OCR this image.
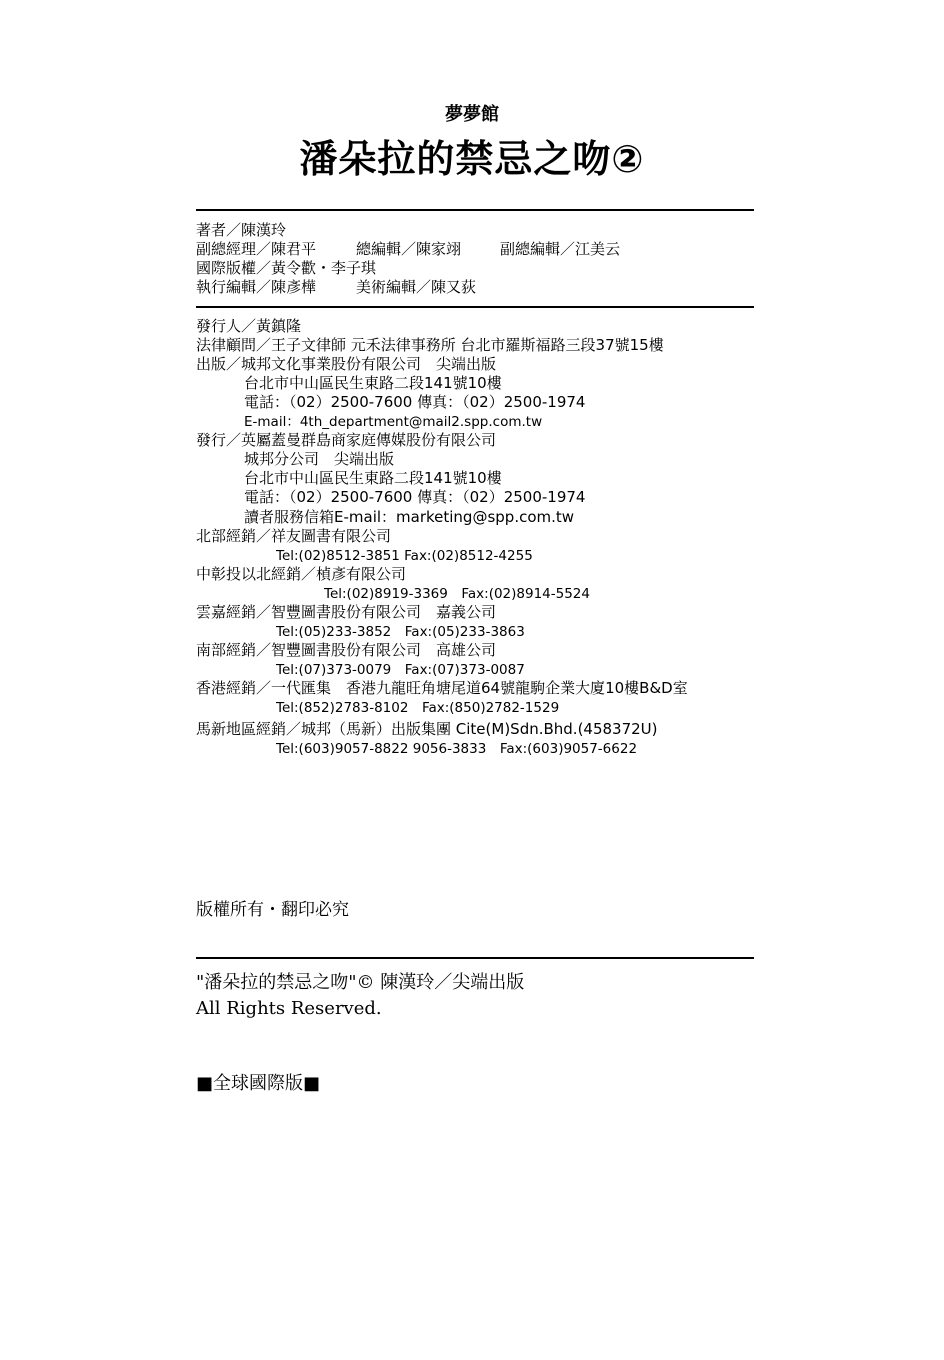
夢夢館
潘朵拉的禁忌之吻②
著者／陳漢玲
副總經理／陳君平	總編輯／陳家翊	副總編輯／江美云
國際版權／黃令歡・李子琪
執行編輯／陳彥樺	美術編輯／陳又荻
發行人／黃鎮隆
法律顧問／王子文律師 元禾法律事務所 台北市羅斯福路三段37號15樓
出版／城邦文化事業股份有限公司　尖端出版
台北市中山區民生東路二段141號10樓
電話：（02）2500-7600 傳真：（02）2500-1974
E-mail：4th_department@mail2.spp.com.tw
發行／英屬蓋曼群島商家庭傳媒股份有限公司
城邦分公司　尖端出版
台北市中山區民生東路二段141號10樓
電話：（02）2500-7600 傳真：（02）2500-1974
讀者服務信箱E-mail：marketing@spp.com.tw
北部經銷／祥友圖書有限公司
Tel:(02)8512-3851 Fax:(02)8512-4255
中彰投以北經銷／楨彥有限公司
Tel:(02)8919-3369　Fax:(02)8914-5524
雲嘉經銷／智豐圖書股份有限公司　嘉義公司
Tel:(05)233-3852　Fax:(05)233-3863
南部經銷／智豐圖書股份有限公司　高雄公司
Tel:(07)373-0079　Fax:(07)373-0087
香港經銷／一代匯集　香港九龍旺角塘尾道64號龍駒企業大廈10樓B&D室
Tel:(852)2783-8102　Fax:(850)2782-1529
馬新地區經銷／城邦（馬新）出版集團 Cite(M)Sdn.Bhd.(458372U)
Tel:(603)9057-8822 9056-3833　Fax:(603)9057-6622
版權所有・翻印必究
"潘朵拉的禁忌之吻"© 陳漢玲／尖端出版
All Rights Reserved.
■全球國際版■
